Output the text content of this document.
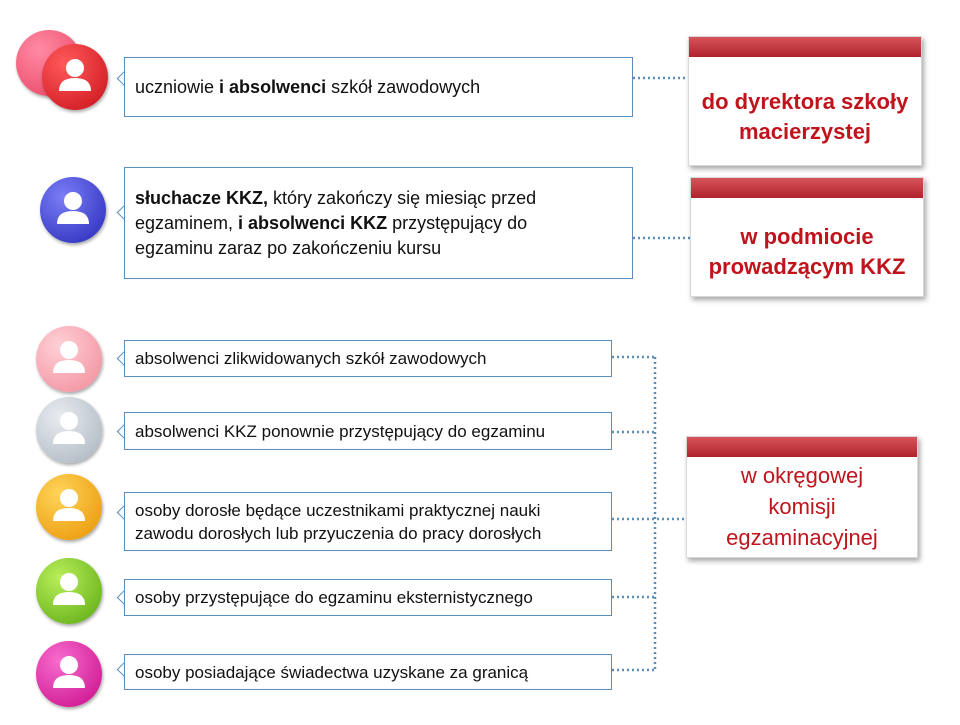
uczniowie i absolwenci szkół zawodowych
słuchacze KKZ, który zakończy się miesiąc przed
egzaminem, i absolwenci KKZ przystępujący do
egzaminu zaraz po zakończeniu kursu
absolwenci zlikwidowanych szkół zawodowych
absolwenci KKZ ponownie przystępujący do egzaminu
osoby dorosłe będące uczestnikami praktycznej nauki
zawodu dorosłych lub przyuczenia do pracy dorosłych
osoby przystępujące do egzaminu eksternistycznego
osoby posiadające świadectwa uzyskane za granicą
do dyrektora szkoły
macierzystej
w podmiocie
prowadzącym KKZ
w okręgowej
komisji
egzaminacyjnej
